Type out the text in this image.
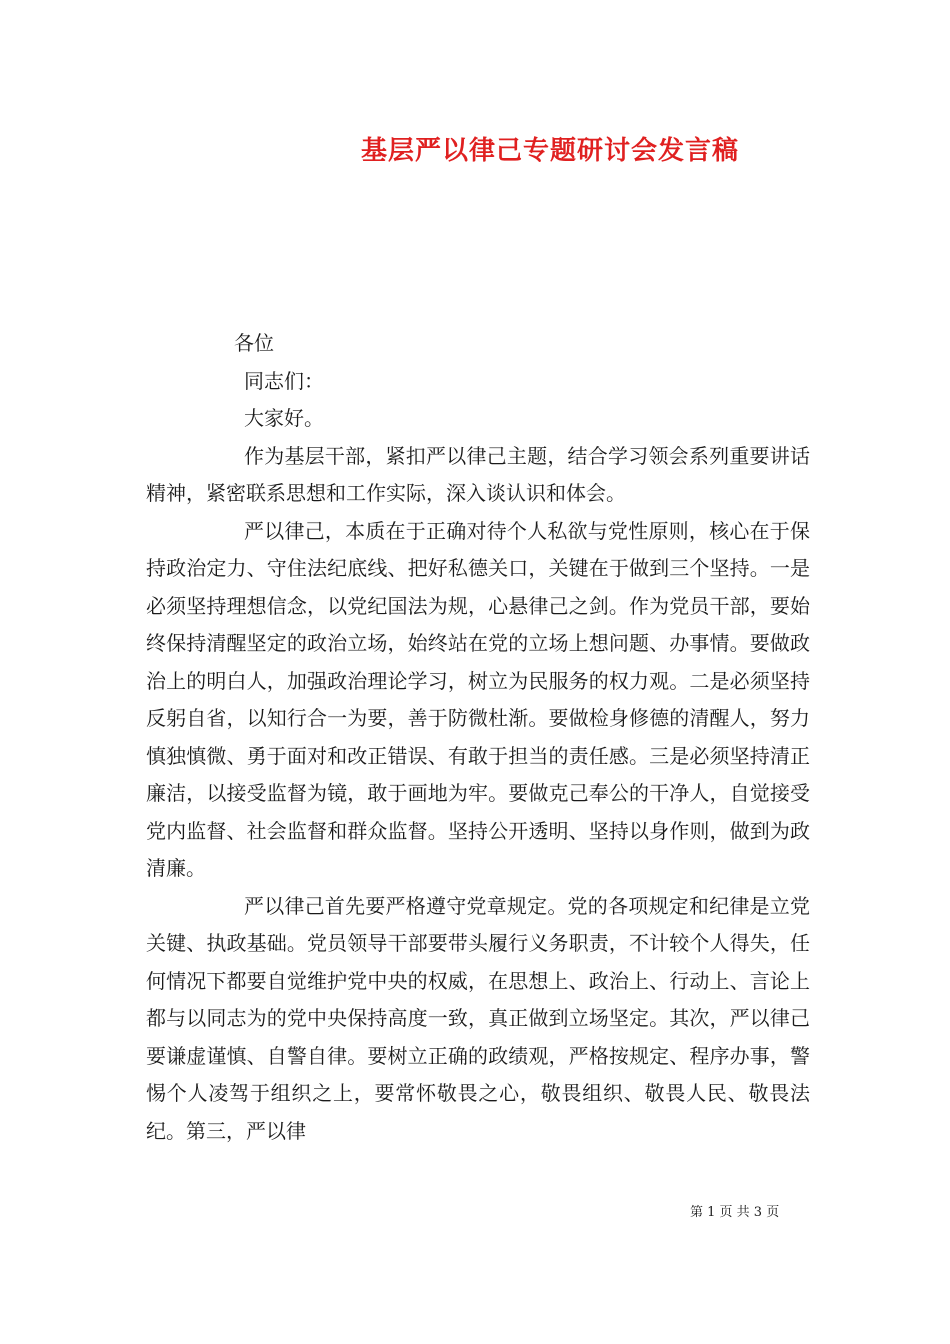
基层严以律己专题研讨会发言稿

各位

同志们：

大家好。

作为基层干部，紧扣严以律己主题，结合学习领会系列重要讲话精神，紧密联系思想和工作实际，深入谈认识和体会。

严以律己，本质在于正确对待个人私欲与党性原则，核心在于保持政治定力、守住法纪底线、把好私德关口，关键在于做到三个坚持。一是必须坚持理想信念，以党纪国法为规，心悬律己之剑。作为党员干部，要始终保持清醒坚定的政治立场，始终站在党的立场上想问题、办事情。要做政治上的明白人，加强政治理论学习，树立为民服务的权力观。二是必须坚持反躬自省，以知行合一为要，善于防微杜渐。要做检身修德的清醒人，努力慎独慎微、勇于面对和改正错误、有敢于担当的责任感。三是必须坚持清正廉洁，以接受监督为镜，敢于画地为牢。要做克己奉公的干净人，自觉接受党内监督、社会监督和群众监督。坚持公开透明、坚持以身作则，做到为政清廉。

严以律己首先要严格遵守党章规定。党的各项规定和纪律是立党关键、执政基础。党员领导干部要带头履行义务职责，不计较个人得失，任何情况下都要自觉维护党中央的权威，在思想上、政治上、行动上、言论上都与以同志为的党中央保持高度一致，真正做到立场坚定。其次，严以律己要谦虚谨慎、自警自律。要树立正确的政绩观，严格按规定、程序办事，警惕个人凌驾于组织之上，要常怀敬畏之心，敬畏组织、敬畏人民、敬畏法纪。第三，严以律

第 1 页 共 3 页
